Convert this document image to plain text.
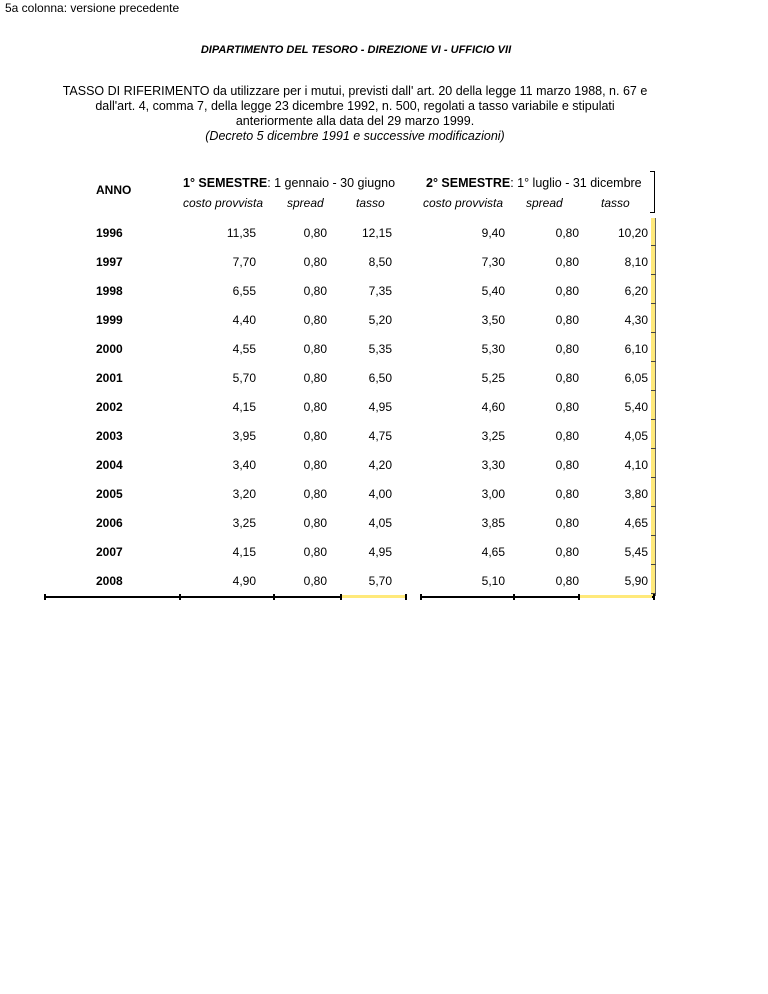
5a colonna: versione precedente
DIPARTIMENTO DEL TESORO - DIREZIONE VI - UFFICIO VII
TASSO DI RIFERIMENTO da utilizzare per i mutui, previsti dall' art. 20 della legge 11 marzo 1988, n. 67 e
dall'art. 4, comma 7, della legge 23 dicembre 1992, n. 500, regolati a tasso variabile e stipulati
anteriormente alla data del 29 marzo 1999.
(Decreto 5 dicembre 1991 e successive modificazioni)
ANNO	1° SEMESTRE: 1 gennaio - 30 giugno 2° SEMESTRE: 1° luglio - 31 dicembre
costo provvista spread	tasso	costo provvista spread	tasso
1996	11,35	0,80	12,15	9,40	0,80	10,20
1997	7,70	0,80	8,50	7,30	0,80	8,10
1998	6,55	0,80	7,35	5,40	0,80	6,20
1999	4,40	0,80	5,20	3,50	0,80	4,30
2000	4,55	0,80	5,35	5,30	0,80	6,10
2001	5,70	0,80	6,50	5,25	0,80	6,05
2002	4,15	0,80	4,95	4,60	0,80	5,40
2003	3,95	0,80	4,75	3,25	0,80	4,05
2004	3,40	0,80	4,20	3,30	0,80	4,10
2005	3,20	0,80	4,00	3,00	0,80	3,80
2006	3,25	0,80	4,05	3,85	0,80	4,65
2007	4,15	0,80	4,95	4,65	0,80	5,45
2008	4,90	0,80	5,70	5,10	0,80	5,90
